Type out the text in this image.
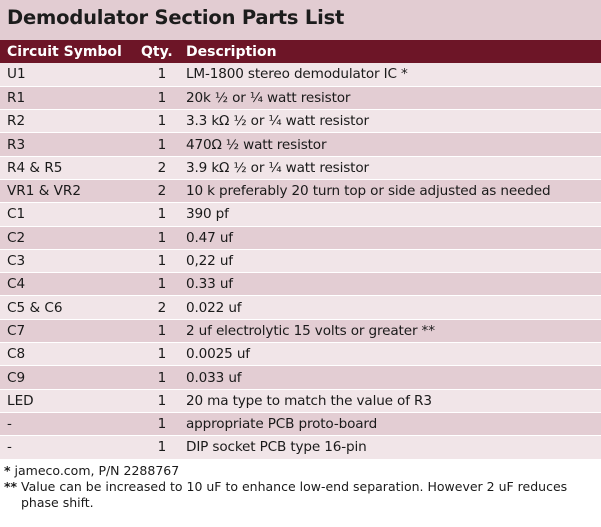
Demodulator Section Parts List
Circuit Symbol	Qty.	Description
U1	1	LM-1800 stereo demodulator IC *
R1	1	20k ½ or ¼ watt resistor
R2	1	3.3 kΩ ½ or ¼ watt resistor
R3	1	470Ω ½ watt resistor
R4 & R5	2	3.9 kΩ ½ or ¼ watt resistor
VR1 & VR2	2	10 k preferably 20 turn top or side adjusted as needed
C1	1	390 pf
C2	1	0.47 uf
C3	1	0,22 uf
C4	1	0.33 uf
C5 & C6	2	0.022 uf
C7	1	2 uf electrolytic 15 volts or greater **
C8	1	0.0025 uf
C9	1	0.033 uf
LED	1	20 ma type to match the value of R3
-	1	appropriate PCB proto-board
-	1	DIP socket PCB type 16-pin
* jameco.com, P/N 2288767
** Value can be increased to 10 uF to enhance low-end separation. However 2 uF reduces
phase shift.
